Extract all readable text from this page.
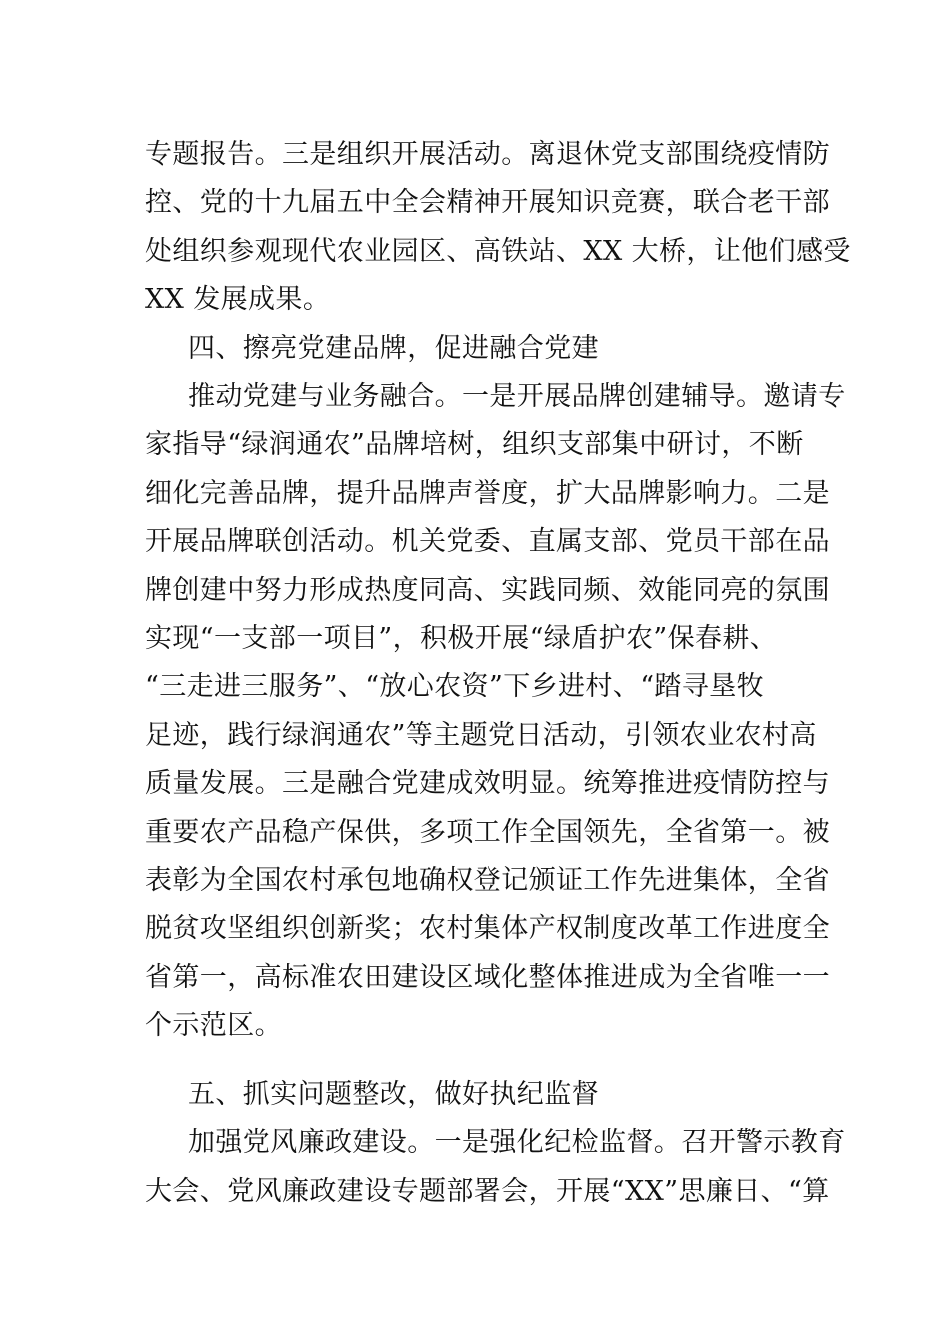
专题报告。三是组织开展活动。离退休党支部围绕疫情防
控、党的十九届五中全会精神开展知识竞赛，联合老干部
处组织参观现代农业园区、高铁站、XX 大桥，让他们感受
XX 发展成果。
四、擦亮党建品牌，促进融合党建
推动党建与业务融合。一是开展品牌创建辅导。邀请专
家指导“绿润通农”品牌培树，组织支部集中研讨，不断
细化完善品牌，提升品牌声誉度，扩大品牌影响力。二是
开展品牌联创活动。机关党委、直属支部、党员干部在品
牌创建中努力形成热度同高、实践同频、效能同亮的氛围
实现“一支部一项目”，积极开展“绿盾护农”保春耕、
“三走进三服务”、“放心农资”下乡进村、“踏寻垦牧
足迹，践行绿润通农”等主题党日活动，引领农业农村高
质量发展。三是融合党建成效明显。统筹推进疫情防控与
重要农产品稳产保供，多项工作全国领先，全省第一。被
表彰为全国农村承包地确权登记颁证工作先进集体，全省
脱贫攻坚组织创新奖；农村集体产权制度改革工作进度全
省第一，高标准农田建设区域化整体推进成为全省唯一一
个示范区。
五、抓实问题整改，做好执纪监督
加强党风廉政建设。一是强化纪检监督。召开警示教育
大会、党风廉政建设专题部署会，开展“XX”思廉日、“算
